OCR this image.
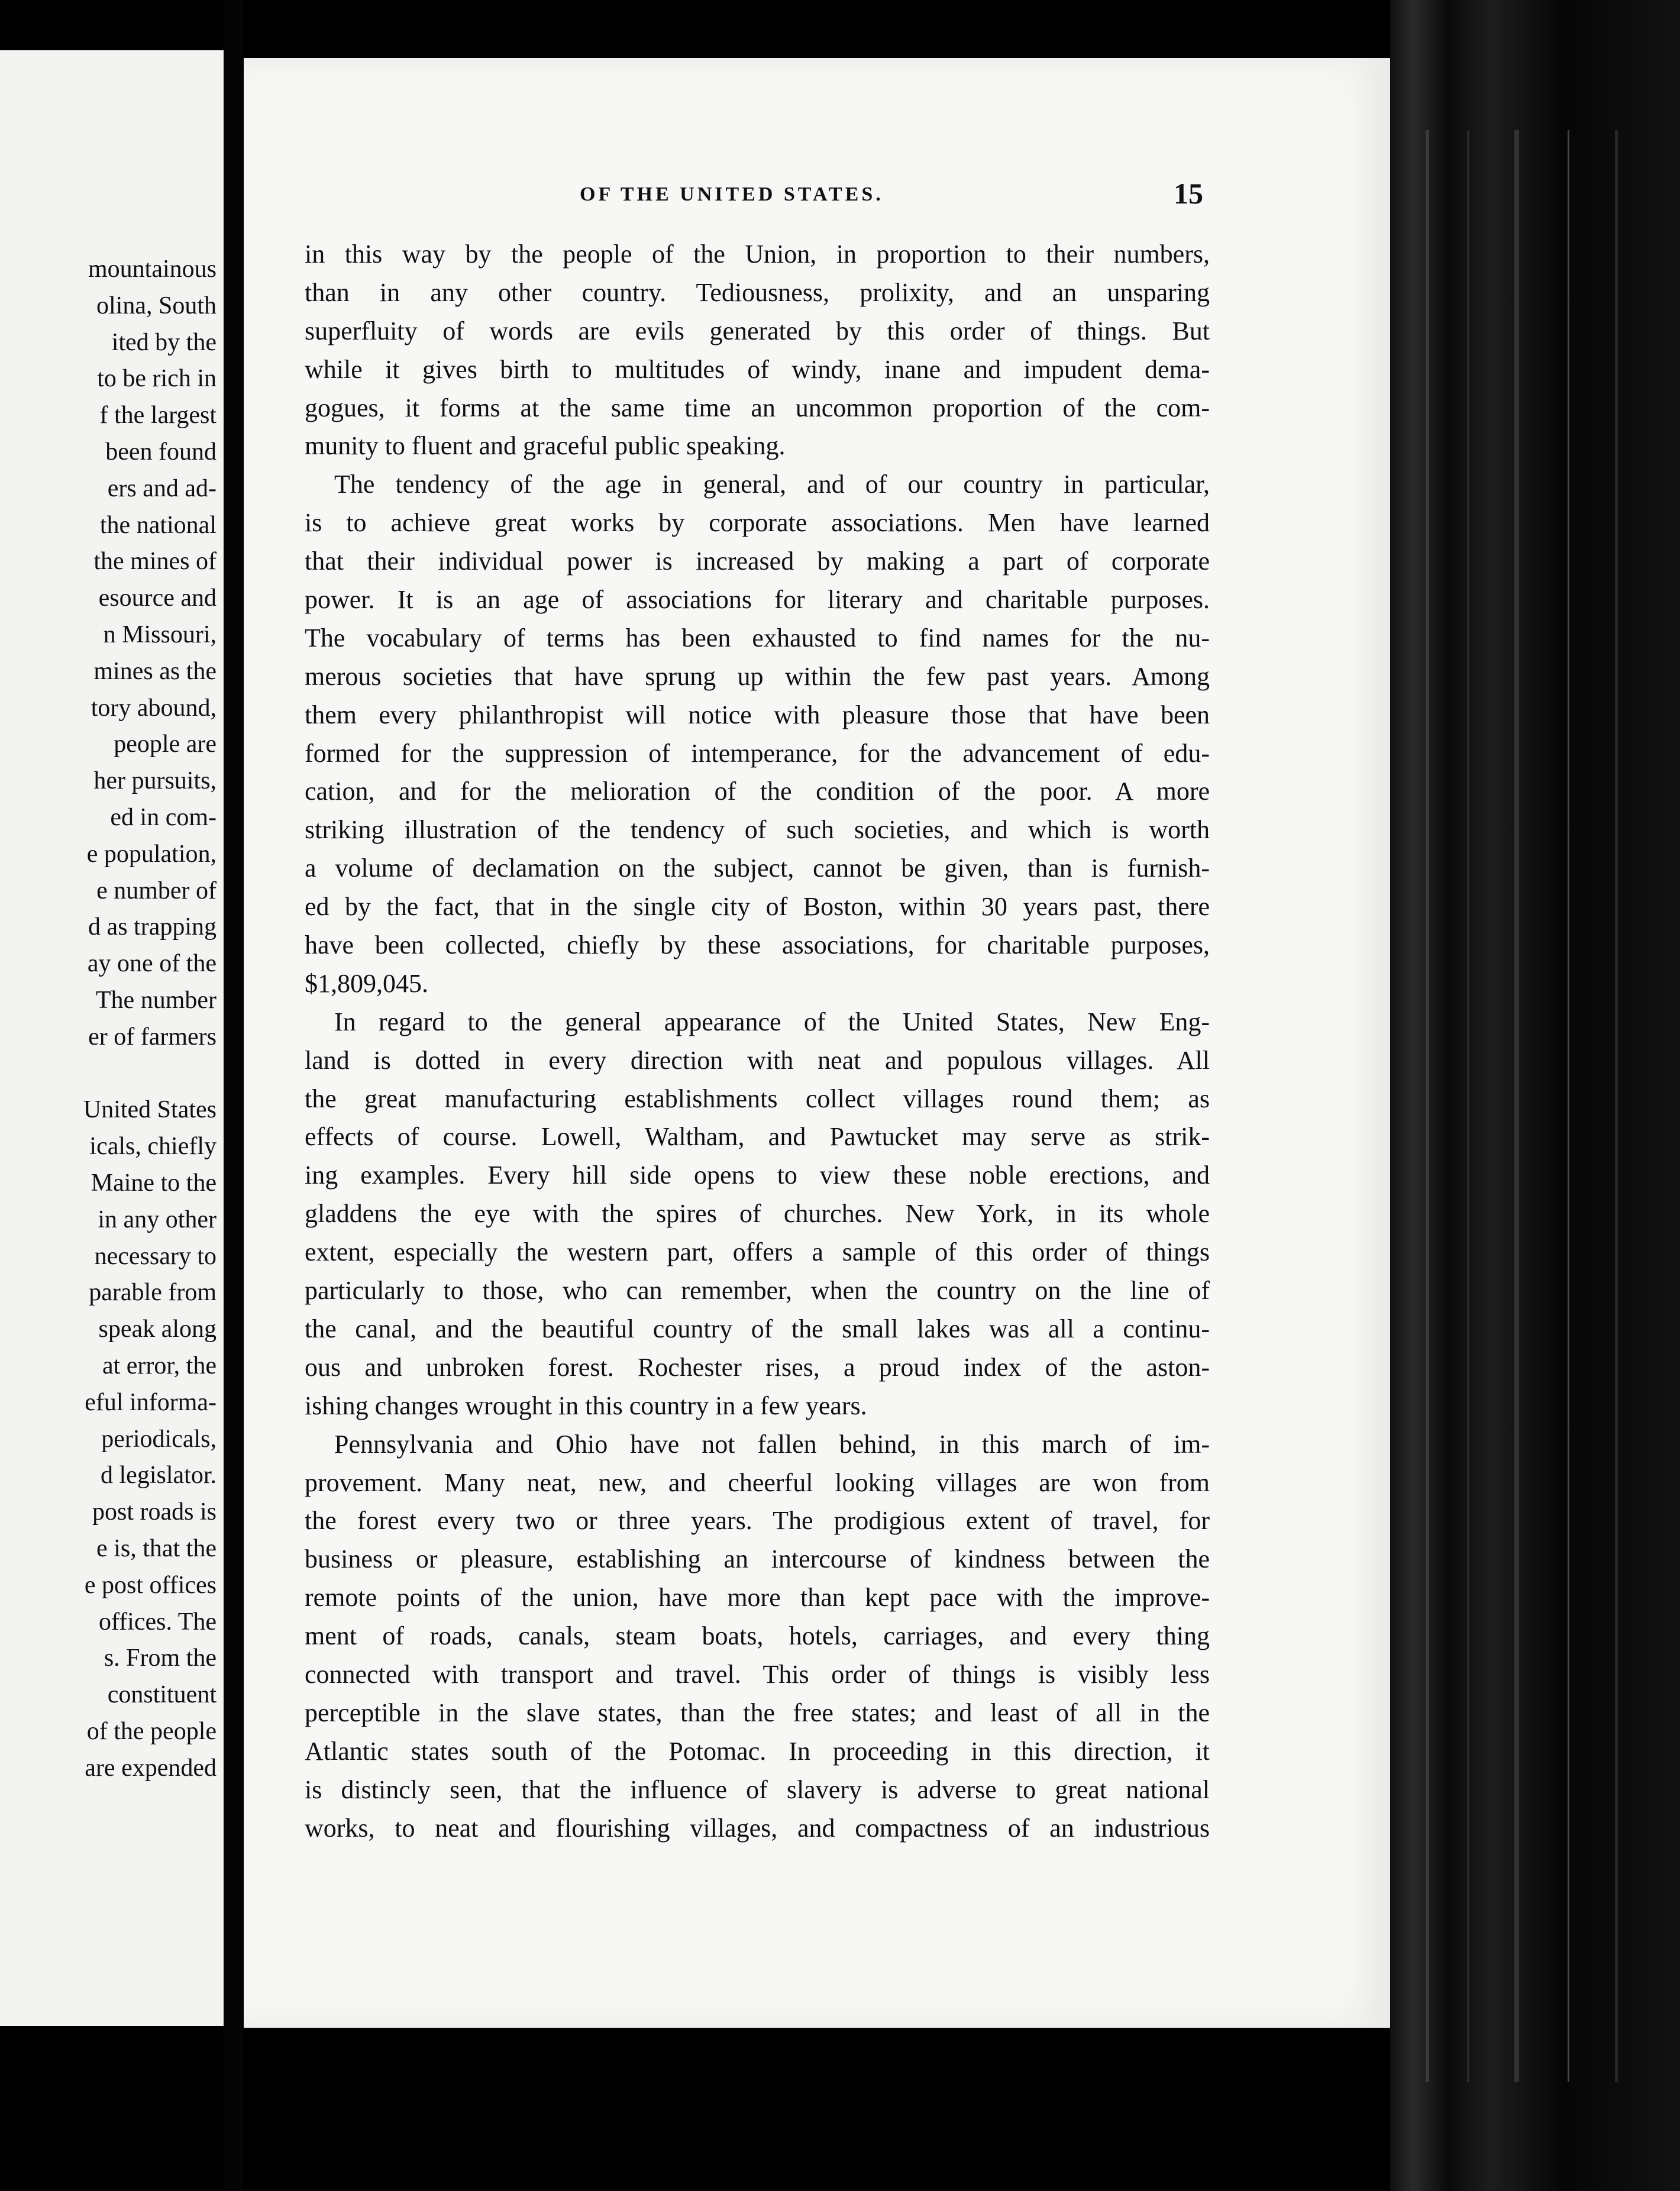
mountainous
olina, South
ited by the
to be rich in
f the largest
been found
ers and ad-
the national
the mines of
esource and
n Missouri,
mines as the
tory abound,
people are
her pursuits,
ed in com-
e population,
e number of
d as trapping
ay one of the
The number
er of farmers
United States
icals, chiefly
Maine to the
in any other
necessary to
parable from
speak along
at error, the
eful informa-
periodicals,
d legislator.
post roads is
e is, that the
e post offices
offices. The
s. From the
constituent
of the people
are expended
OF THE UNITED STATES.	15
in this way by the people of the Union, in proportion to their numbers,
than in any other country. Tediousness, prolixity, and an unsparing
superfluity of words are evils generated by this order of things. But
while it gives birth to multitudes of windy, inane and impudent dema-
gogues, it forms at the same time an uncommon proportion of the com-
munity to fluent and graceful public speaking.
The tendency of the age in general, and of our country in particular,
is to achieve great works by corporate associations. Men have learned
that their individual power is increased by making a part of corporate
power. It is an age of associations for literary and charitable purposes.
The vocabulary of terms has been exhausted to find names for the nu-
merous societies that have sprung up within the few past years. Among
them every philanthropist will notice with pleasure those that have been
formed for the suppression of intemperance, for the advancement of edu-
cation, and for the melioration of the condition of the poor. A more
striking illustration of the tendency of such societies, and which is worth
a volume of declamation on the subject, cannot be given, than is furnish-
ed by the fact, that in the single city of Boston, within 30 years past, there
have been collected, chiefly by these associations, for charitable purposes,
$1,809,045.
In regard to the general appearance of the United States, New Eng-
land is dotted in every direction with neat and populous villages. All
the great manufacturing establishments collect villages round them; as
effects of course. Lowell, Waltham, and Pawtucket may serve as strik-
ing examples. Every hill side opens to view these noble erections, and
gladdens the eye with the spires of churches. New York, in its whole
extent, especially the western part, offers a sample of this order of things
particularly to those, who can remember, when the country on the line of
the canal, and the beautiful country of the small lakes was all a continu-
ous and unbroken forest. Rochester rises, a proud index of the aston-
ishing changes wrought in this country in a few years.
Pennsylvania and Ohio have not fallen behind, in this march of im-
provement. Many neat, new, and cheerful looking villages are won from
the forest every two or three years. The prodigious extent of travel, for
business or pleasure, establishing an intercourse of kindness between the
remote points of the union, have more than kept pace with the improve-
ment of roads, canals, steam boats, hotels, carriages, and every thing
connected with transport and travel. This order of things is visibly less
perceptible in the slave states, than the free states; and least of all in the
Atlantic states south of the Potomac. In proceeding in this direction, it
is distincly seen, that the influence of slavery is adverse to great national
works, to neat and flourishing villages, and compactness of an industrious
